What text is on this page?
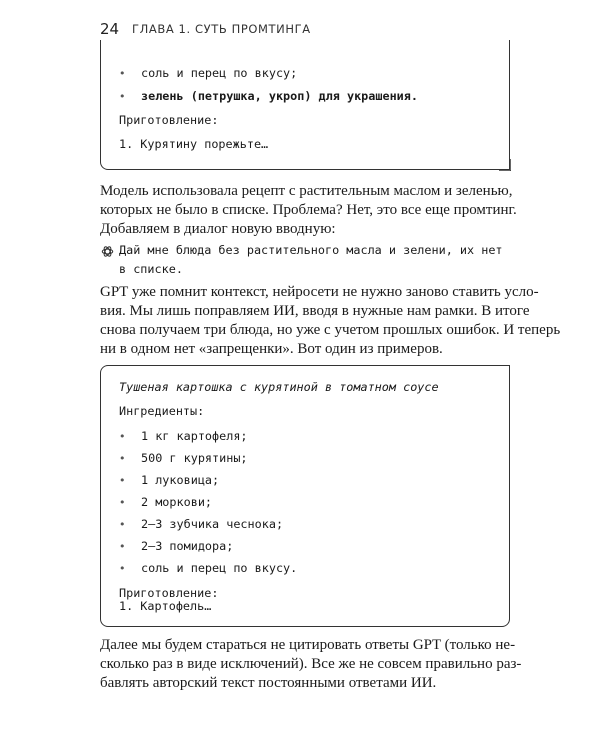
24 ГЛАВА 1. СУТЬ ПРОМТИНГА
• соль и перец по вкусу;
• зелень (петрушка, укроп) для украшения.
Приготовление:
1. Курятину порежьте…

Модель использовала рецепт с растительным маслом и зеленью,
которых не было в списке. Проблема? Нет, это все еще промтинг.
Добавляем в диалог новую вводную:

Дай мне блюда без растительного масла и зелени, их нет
в списке.

GPT уже помнит контекст, нейросети не нужно заново ставить усло-
вия. Мы лишь поправляем ИИ, вводя в нужные нам рамки. В итоге
снова получаем три блюда, но уже с учетом прошлых ошибок. И теперь
ни в одном нет «запрещенки». Вот один из примеров.

Тушеная картошка с курятиной в томатном соусе
Ингредиенты:
• 1 кг картофеля;
• 500 г курятины;
• 1 луковица;
• 2 моркови;
• 2–3 зубчика чеснока;
• 2–3 помидора;
• соль и перец по вкусу.
Приготовление:
1. Картофель…

Далее мы будем стараться не цитировать ответы GPT (только не-
сколько раз в виде исключений). Все же не совсем правильно раз-
бавлять авторский текст постоянными ответами ИИ.
